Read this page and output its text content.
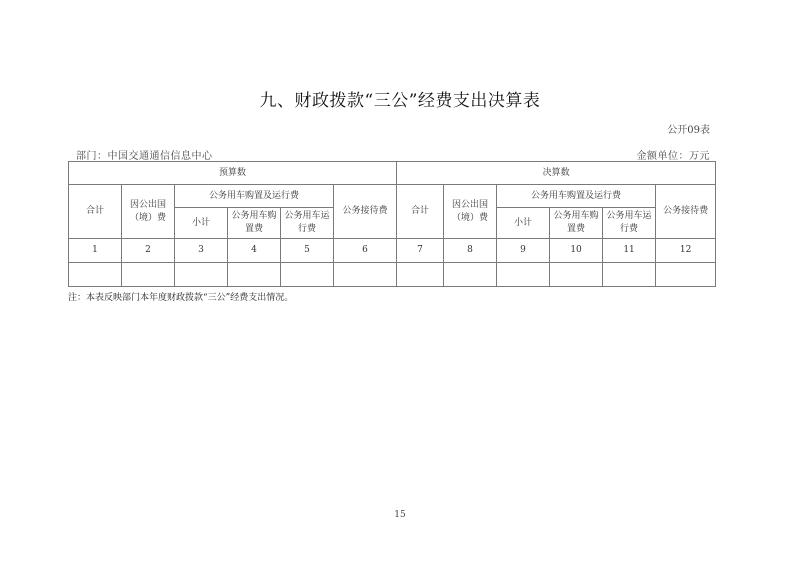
九、财政拨款“三公”经费支出决算表
公开09表
部门：中国交通通信信息中心	金额单位：万元
预算数						决算数					
合计	因公出国（境）费	公务用车购置及运行费			公务接待费	合计	因公出国（境）费	公务用车购置及运行费			公务接待费
		小计	公务用车购置费	公务用车运行费				小计	公务用车购置费	公务用车运行费	
1	2	3	4	5	6	7	8	9	10	11	12

注：本表反映部门本年度财政拨款“三公”经费支出情况。
15
